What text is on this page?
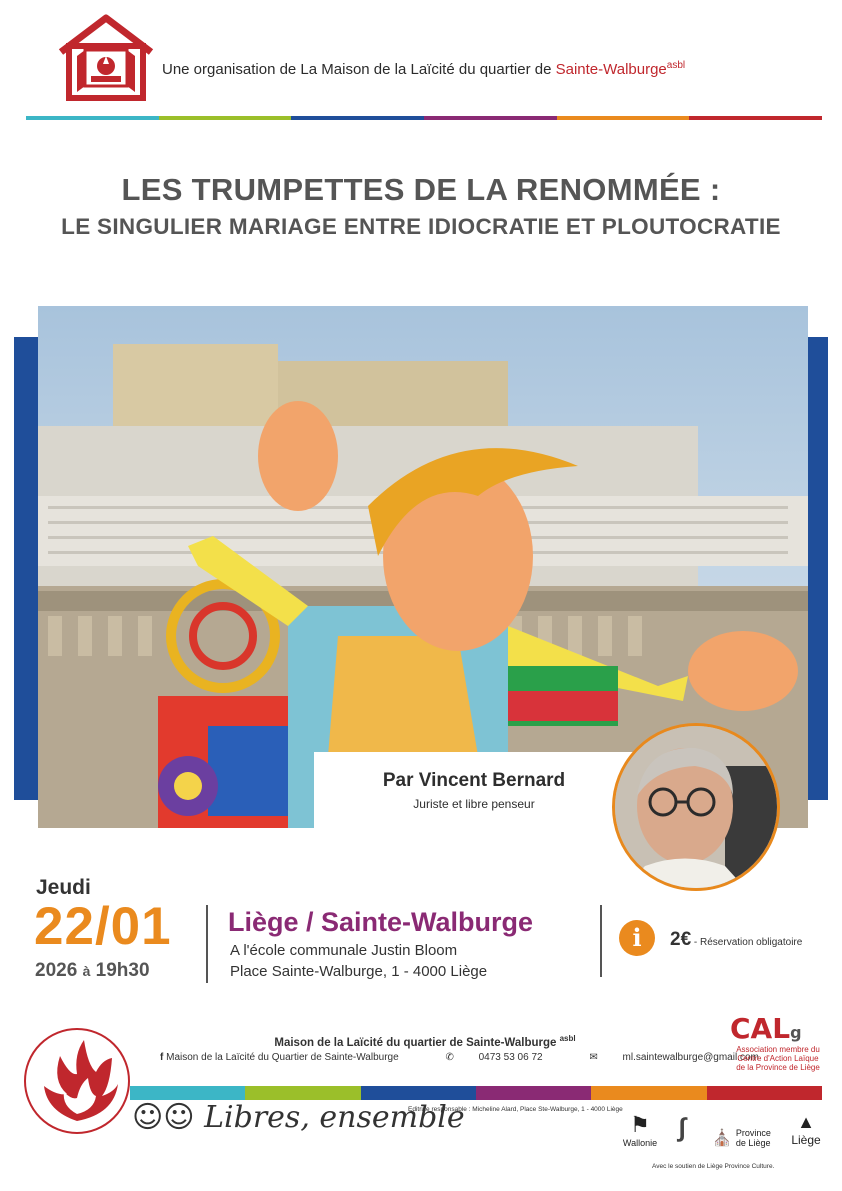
Une organisation de La Maison de la Laïcité du quartier de Sainte-Walburge$^{asbl}$
LES TRUMPETTES DE LA RENOMMÉE :
LE SINGULIER MARIAGE ENTRE IDIOCRATIE ET PLOUTOCRATIE
Par Vincent Bernard
Juriste et libre penseur
Jeudi
22/01
2026 à 19h30
Liège / Sainte-Walburge
A l'école communale Justin Bloom
Place Sainte-Walburge, 1 - 4000 Liège
i	2€ - Réservation obligatoire
Maison de la Laïcité du quartier de Sainte-Walburge $^{asbl}$
f Maison de la Laïcité du Quartier de Sainte-Walburge	✆ 0473 53 06 72	✉ ml.saintewalburge@gmail.com
CALg
Association membre du
Centre d'Action Laïque
de la Province de Liège
☺☺ Libres, ensemble
Editrice responsable : Micheline Alard, Place Ste-Walburge, 1 - 4000 Liège
⚑
Wallonie
∫	⛪ Province
de Liège
▲
Liège
Avec le soutien de Liège Province Culture.
